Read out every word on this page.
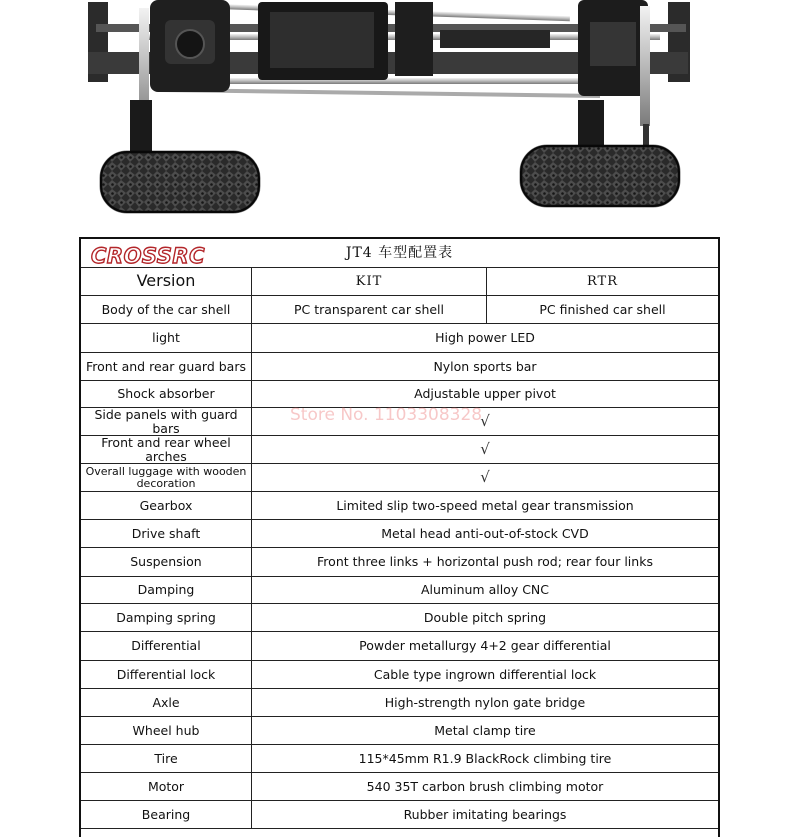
CROSSRC	JT4 车型配置表
Version	KIT	RTR
Body of the car shell	PC transparent car shell	PC finished car shell
light	High power LED
Front and rear guard bars	Nylon sports bar
Shock absorber	Adjustable upper pivot
Side panels with guard bars	√
Front and rear wheel arches	√
Overall luggage with wooden decoration	√
Gearbox	Limited slip two-speed metal gear transmission
Drive shaft	Metal head anti-out-of-stock CVD
Suspension	Front three links + horizontal push rod; rear four links
Damping	Aluminum alloy CNC
Damping spring	Double pitch spring
Differential	Powder metallurgy 4+2 gear differential
Differential lock	Cable type ingrown differential lock
Axle	High-strength nylon gate bridge
Wheel hub	Metal clamp tire
Tire	115*45mm R1.9 BlackRock climbing tire
Motor	540 35T carbon brush climbing motor
Bearing	Rubber imitating bearings
Store No. 1103308328
